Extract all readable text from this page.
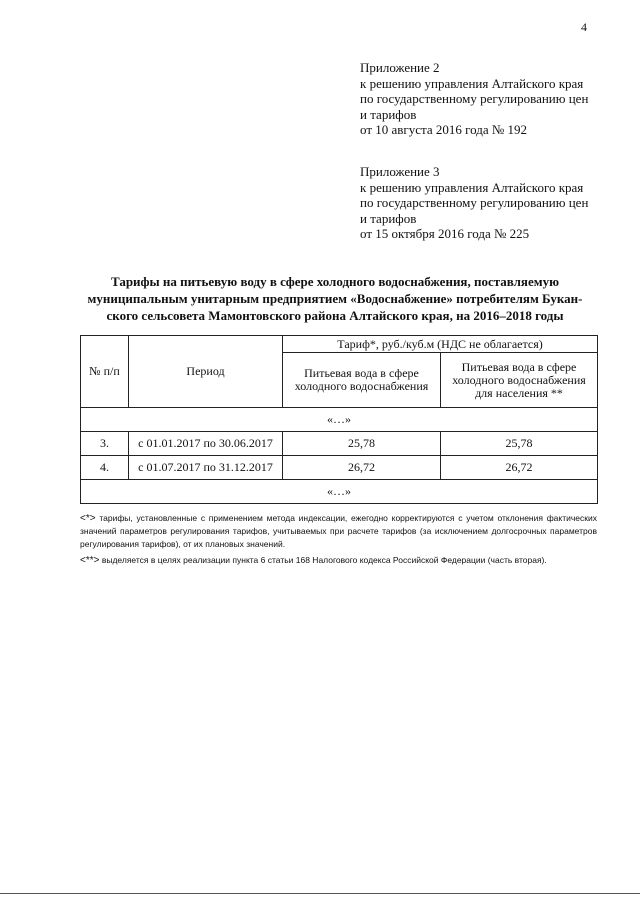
4
Приложение 2
к решению управления Алтайского края
по государственному регулированию цен
и тарифов
от 10 августа 2016 года № 192
Приложение 3
к решению управления Алтайского края
по государственному регулированию цен
и тарифов
от 15 октября 2016 года № 225
Тарифы на питьевую воду в сфере холодного водоснабжения, поставляемую
муниципальным унитарным предприятием «Водоснабжение» потребителям Букан-
ского сельсовета Мамонтовского района Алтайского края, на 2016–2018 годы
№ п/п	Период	Тариф*, руб./куб.м (НДС не облагается)	
		Питьевая вода в сфере холодного водоснабжения	Питьевая вода в сфере холодного водоснабжения для населения **
«…»			
3.	с 01.01.2017 по 30.06.2017	25,78	25,78
4.	с 01.07.2017 по 31.12.2017	26,72	26,72
«…»			

<*> тарифы, установленные с применением метода индексации, ежегодно корректируются с учетом отклонения фактических значений параметров регулирования тарифов, учитываемых при расчете тарифов (за исключением долгосрочных параметров регулирования тарифов), от их плановых значений.

<**> выделяется в целях реализации пункта 6 статьи 168 Налогового кодекса Российской Федерации (часть вторая).
